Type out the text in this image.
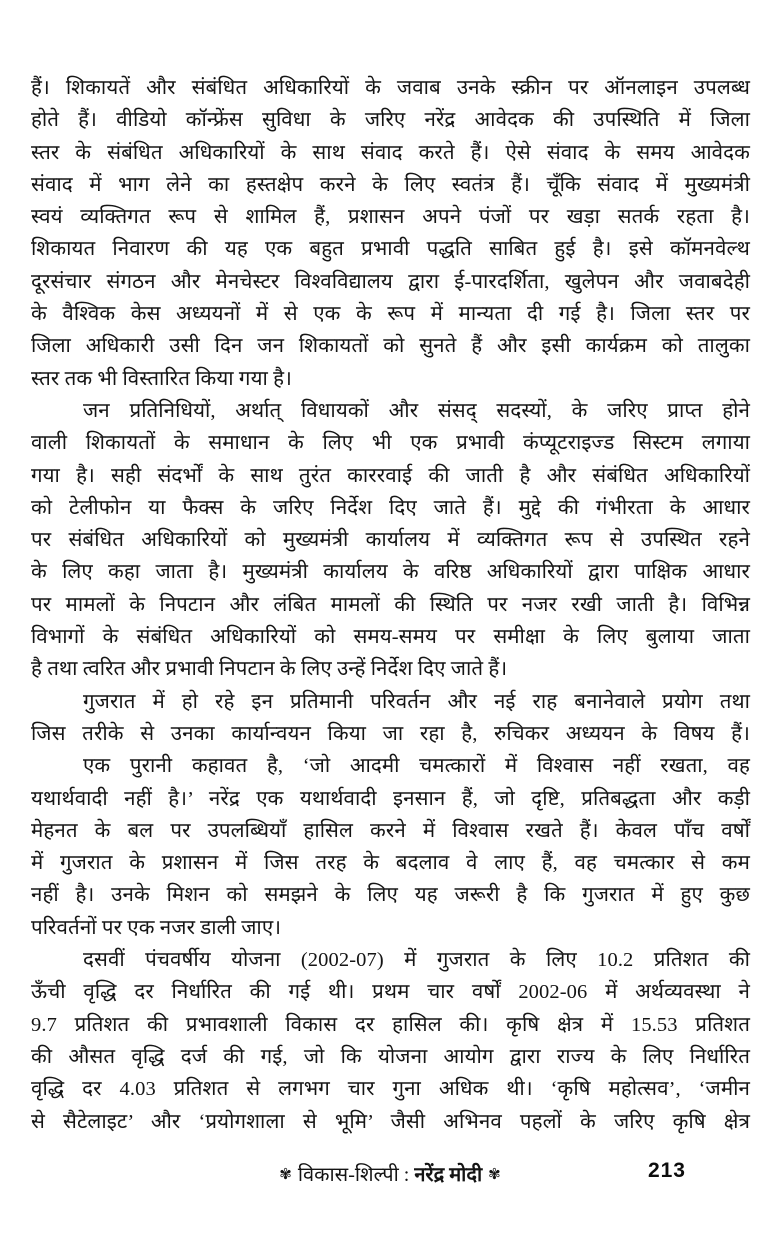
हैं। शिकायतें और संबंधित अधिकारियों के जवाब उनके स्क्रीन पर ऑनलाइन उपलब्ध
होते हैं। वीडियो कॉन्फ्रेंस सुविधा के जरिए नरेंद्र आवेदक की उपस्थिति में जिला
स्तर के संबंधित अधिकारियों के साथ संवाद करते हैं। ऐसे संवाद के समय आवेदक
संवाद में भाग लेने का हस्तक्षेप करने के लिए स्वतंत्र हैं। चूँकि संवाद में मुख्यमंत्री
स्वयं व्यक्तिगत रूप से शामिल हैं, प्रशासन अपने पंजों पर खड़ा सतर्क रहता है।
शिकायत निवारण की यह एक बहुत प्रभावी पद्धति साबित हुई है। इसे कॉमनवेल्थ
दूरसंचार संगठन और मेनचेस्टर विश्वविद्यालय द्वारा ई-पारदर्शिता, खुलेपन और जवाबदेही
के वैश्विक केस अध्ययनों में से एक के रूप में मान्यता दी गई है। जिला स्तर पर
जिला अधिकारी उसी दिन जन शिकायतों को सुनते हैं और इसी कार्यक्रम को तालुका
स्तर तक भी विस्तारित किया गया है।
जन प्रतिनिधियों, अर्थात् विधायकों और संसद् सदस्यों, के जरिए प्राप्त होने
वाली शिकायतों के समाधान के लिए भी एक प्रभावी कंप्यूटराइज्ड सिस्टम लगाया
गया है। सही संदर्भों के साथ तुरंत काररवाई की जाती है और संबंधित अधिकारियों
को टेलीफोन या फैक्स के जरिए निर्देश दिए जाते हैं। मुद्दे की गंभीरता के आधार
पर संबंधित अधिकारियों को मुख्यमंत्री कार्यालय में व्यक्तिगत रूप से उपस्थित रहने
के लिए कहा जाता है। मुख्यमंत्री कार्यालय के वरिष्ठ अधिकारियों द्वारा पाक्षिक आधार
पर मामलों के निपटान और लंबित मामलों की स्थिति पर नजर रखी जाती है। विभिन्न
विभागों के संबंधित अधिकारियों को समय-समय पर समीक्षा के लिए बुलाया जाता
है तथा त्वरित और प्रभावी निपटान के लिए उन्हें निर्देश दिए जाते हैं।
गुजरात में हो रहे इन प्रतिमानी परिवर्तन और नई राह बनानेवाले प्रयोग तथा
जिस तरीके से उनका कार्यान्वयन किया जा रहा है, रुचिकर अध्ययन के विषय हैं।
एक पुरानी कहावत है, ‘जो आदमी चमत्कारों में विश्वास नहीं रखता, वह
यथार्थवादी नहीं है।’ नरेंद्र एक यथार्थवादी इनसान हैं, जो दृष्टि, प्रतिबद्धता और कड़ी
मेहनत के बल पर उपलब्धियाँ हासिल करने में विश्वास रखते हैं। केवल पाँच वर्षों
में गुजरात के प्रशासन में जिस तरह के बदलाव वे लाए हैं, वह चमत्कार से कम
नहीं है। उनके मिशन को समझने के लिए यह जरूरी है कि गुजरात में हुए कुछ
परिवर्तनों पर एक नजर डाली जाए।
दसवीं पंचवर्षीय योजना (2002-07) में गुजरात के लिए 10.2 प्रतिशत की
ऊँची वृद्धि दर निर्धारित की गई थी। प्रथम चार वर्षों 2002-06 में अर्थव्यवस्था ने
9.7 प्रतिशत की प्रभावशाली विकास दर हासिल की। कृषि क्षेत्र में 15.53 प्रतिशत
की औसत वृद्धि दर्ज की गई, जो कि योजना आयोग द्वारा राज्य के लिए निर्धारित
वृद्धि दर 4.03 प्रतिशत से लगभग चार गुना अधिक थी। ‘कृषि महोत्सव’, ‘जमीन
से सैटेलाइट’ और ‘प्रयोगशाला से भूमि’ जैसी अभिनव पहलों के जरिए कृषि क्षेत्र
✾ विकास-शिल्पी : नरेंद्र मोदी ✾	213
